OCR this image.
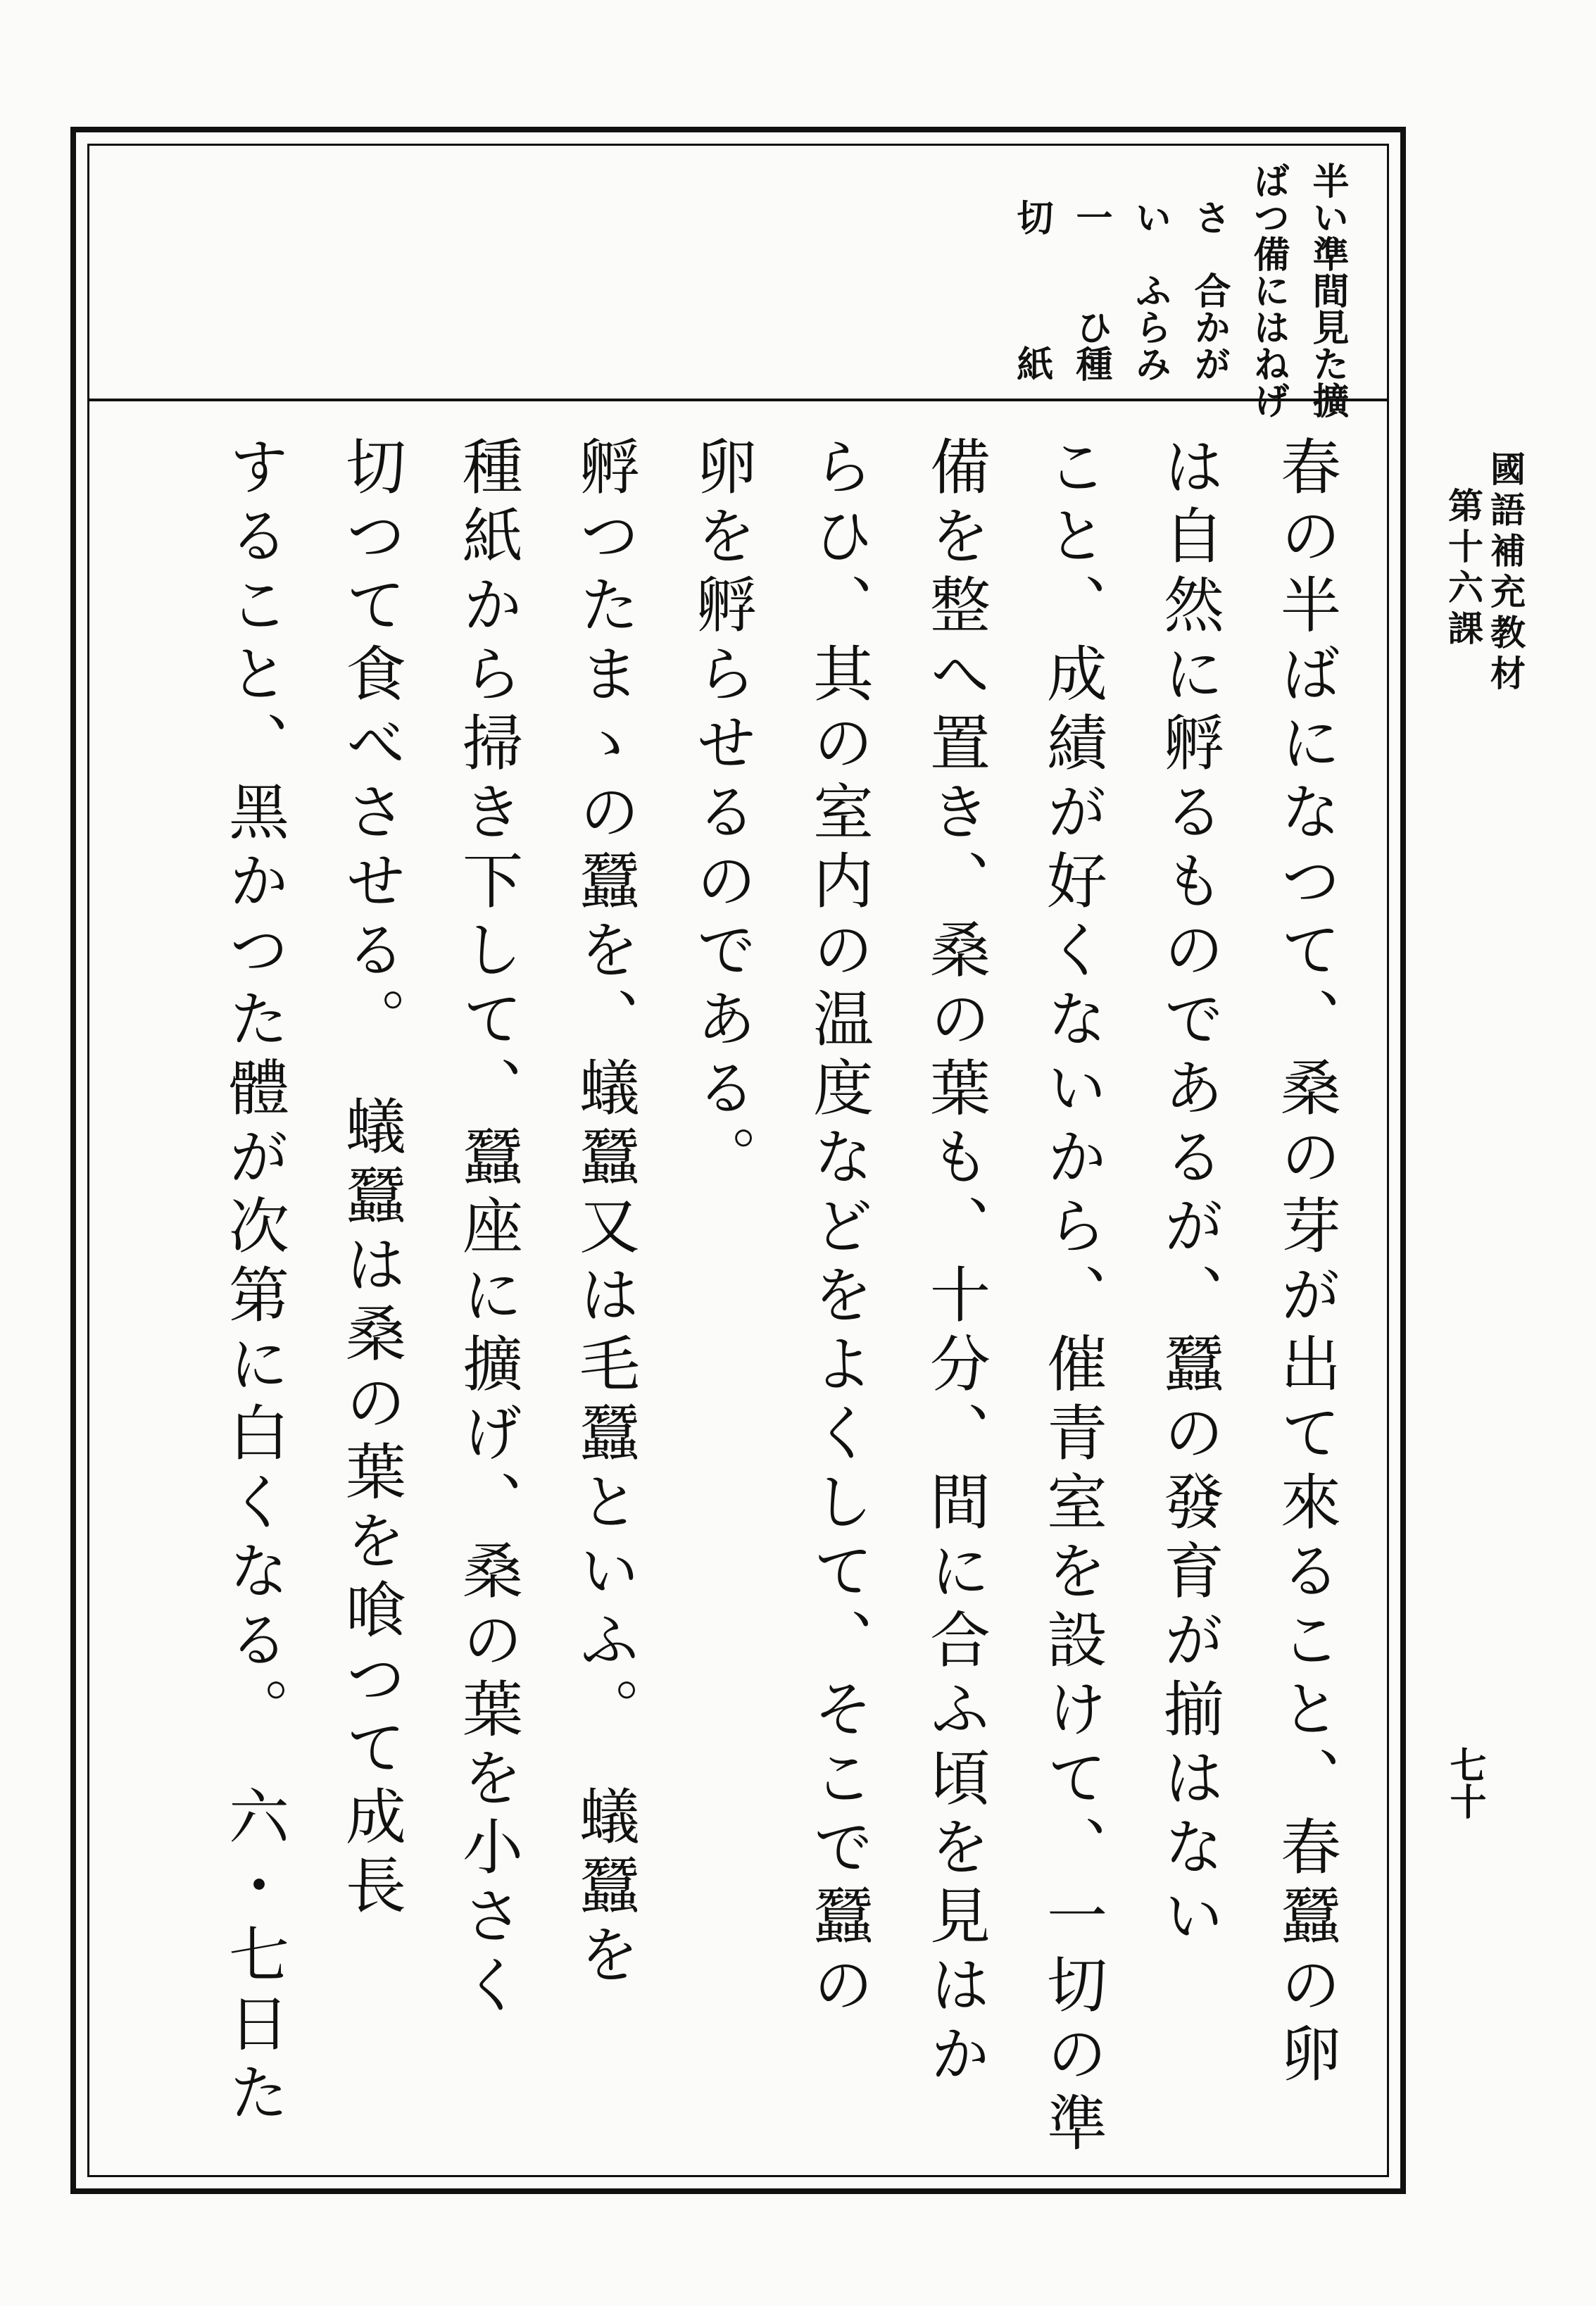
半ば
いつさい一切
準備
間に合ふ
見はからひ
たねがみ種紙
擴げ
春の半ばになつて、桑の芽が出て來ること、春蠶の卵
は自然に孵るものであるが、蠶の發育が揃はない
こと、成績が好くないから、催青室を設けて、一切の準
備を整へ置き、桑の葉も、十分、間に合ふ頃を見はか
らひ、其の室内の温度などをよくして、そこで蠶の
卵を孵らせるのである。
孵つたまゝの蠶を、蟻蠶又は毛蠶といふ。　蟻蠶を
種紙から掃き下して、蠶座に擴げ、桑の葉を小さく
切つて食べさせる。　蟻蠶は桑の葉を喰つて成長
すること、黑かつた體が次第に白くなる。　六・七日た	國語補充教材
第十六課
七十
